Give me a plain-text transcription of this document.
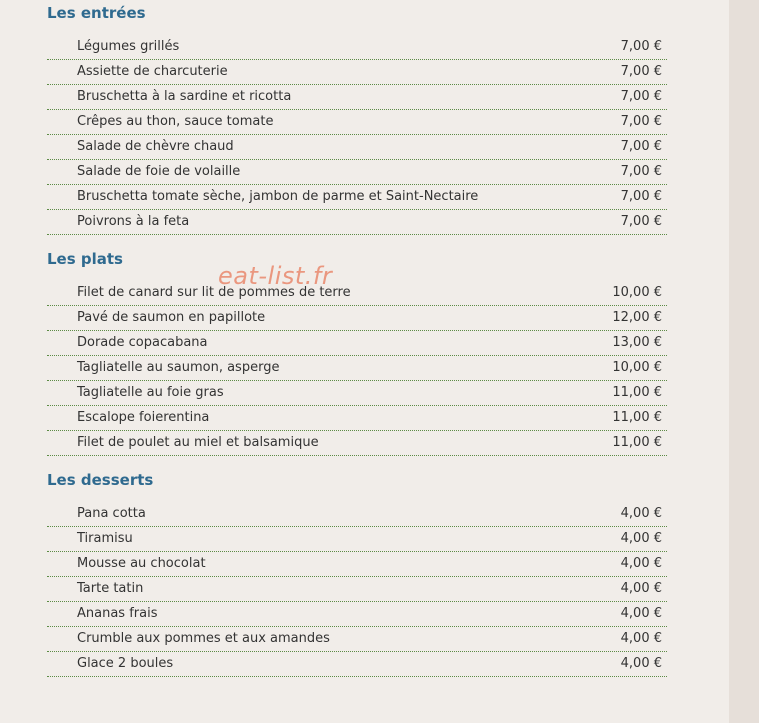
Les entrées
Légumes grillés	7,00 €
Assiette de charcuterie	7,00 €
Bruschetta à la sardine et ricotta	7,00 €
Crêpes au thon, sauce tomate	7,00 €
Salade de chèvre chaud	7,00 €
Salade de foie de volaille	7,00 €
Bruschetta tomate sèche, jambon de parme et Saint-Nectaire	7,00 €
Poivrons à la feta	7,00 €
Les plats
Filet de canard sur lit de pommes de terre	10,00 €
Pavé de saumon en papillote	12,00 €
Dorade copacabana	13,00 €
Tagliatelle au saumon, asperge	10,00 €
Tagliatelle au foie gras	11,00 €
Escalope foierentina	11,00 €
Filet de poulet au miel et balsamique	11,00 €
Les desserts
Pana cotta	4,00 €
Tiramisu	4,00 €
Mousse au chocolat	4,00 €
Tarte tatin	4,00 €
Ananas frais	4,00 €
Crumble aux pommes et aux amandes	4,00 €
Glace 2 boules	4,00 €
eat-list.fr
